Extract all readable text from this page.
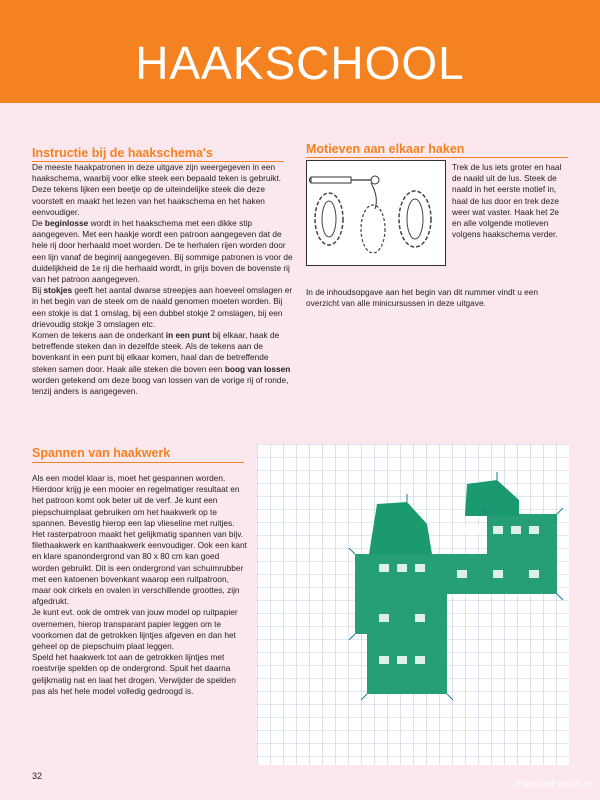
HAAKSCHOOL
Instructie bij de haakschema's

De meeste haakpatronen in deze uitgave zijn weergegeven in een haakschema, waarbij voor elke steek een bepaald teken is gebruikt. Deze tekens lijken een beetje op de uiteindelijke steek die deze voorstelt en maakt het lezen van het haakschema en het haken eenvoudiger.

De beginlosse wordt in het haakschema met een dikke stip aangegeven. Met een haakje wordt een patroon aangegeven dat de hele rij door herhaald moet worden. De te herhalen rijen worden door een lijn vanaf de beginrij aangegeven. Bij sommige patronen is voor de duidelijkheid de 1e rij die herhaald wordt, in grijs boven de bovenste rij van het patroon aangegeven.

Bij stokjes geeft het aantal dwarse streepjes aan hoeveel omslagen er in het begin van de steek om de naald genomen moeten worden. Bij een stokje is dat 1 omslag, bij een dubbel stokje 2 omslagen, bij een drievoudig stokje 3 omslagen etc.

Komen de tekens aan de onderkant in een punt bij elkaar, haak de betreffende steken dan in dezelfde steek. Als de tekens aan de bovenkant in een punt bij elkaar komen, haal dan de betreffende steken samen door. Haak alle steken die boven een boog van lossen worden getekend om deze boog van lossen van de vorige rij of ronde, tenzij anders is aangegeven.

Motieven aan elkaar haken
Trek de lus iets groter en haal de naald uit de lus. Steek de naald in het eerste motief in, haal de lus door en trek deze weer wat vaster. Haak het 2e en alle volgende motieven volgens haakschema verder.
In de inhoudsopgave aan het begin van dit nummer vindt u een overzicht van alle minicursussen in deze uitgave.
Spannen van haakwerk

Als een model klaar is, moet het gespannen worden. Hierdoor krijg je een mooier en regelmatiger resultaat en het patroon komt ook beter uit de verf. Je kunt een piepschuimplaat gebruiken om het haakwerk op te spannen. Bevestig hierop een lap vlieseline met ruitjes. Het rasterpatroon maakt het gelijkmatig spannen van bijv. filethaakwerk en kanthaakwerk eenvoudiger. Ook een kant en klare spanondergrond van 80 x 80 cm kan goed worden gebruikt. Dit is een ondergrond van schuimrubber met een katoenen bovenkant waarop een ruitpatroon, maar ook cirkels en ovalen in verschillende groottes, zijn afgedrukt.

Je kunt evt. ook de omtrek van jouw model op ruitpapier overnemen, hierop transparant papier leggen om te voorkomen dat de getrokken lijntjes afgeven en dan het geheel op de piepschuim plaat leggen.

Speld het haakwerk tot aan de getrokken lijntjes met roestvrije spelden op de ondergrond. Spuit het daarna gelijkmatig nat en laat het drogen. Verwijder de spelden pas als het hele model volledig gedroogd is.

32
PassionForum.ru
